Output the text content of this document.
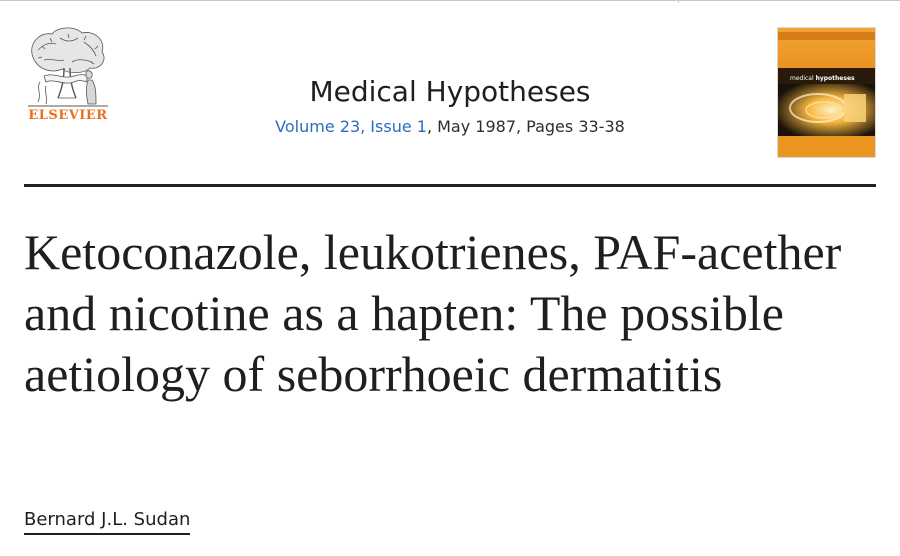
ELSEVIER
Medical Hypotheses
Volume 23, Issue 1, May 1987, Pages 33-38
medical hypotheses
Ketoconazole, leukotrienes, PAF-acether and nicotine as a hapten: The possible aetiology of seborrhoeic dermatitis
Bernard J.L. Sudan
